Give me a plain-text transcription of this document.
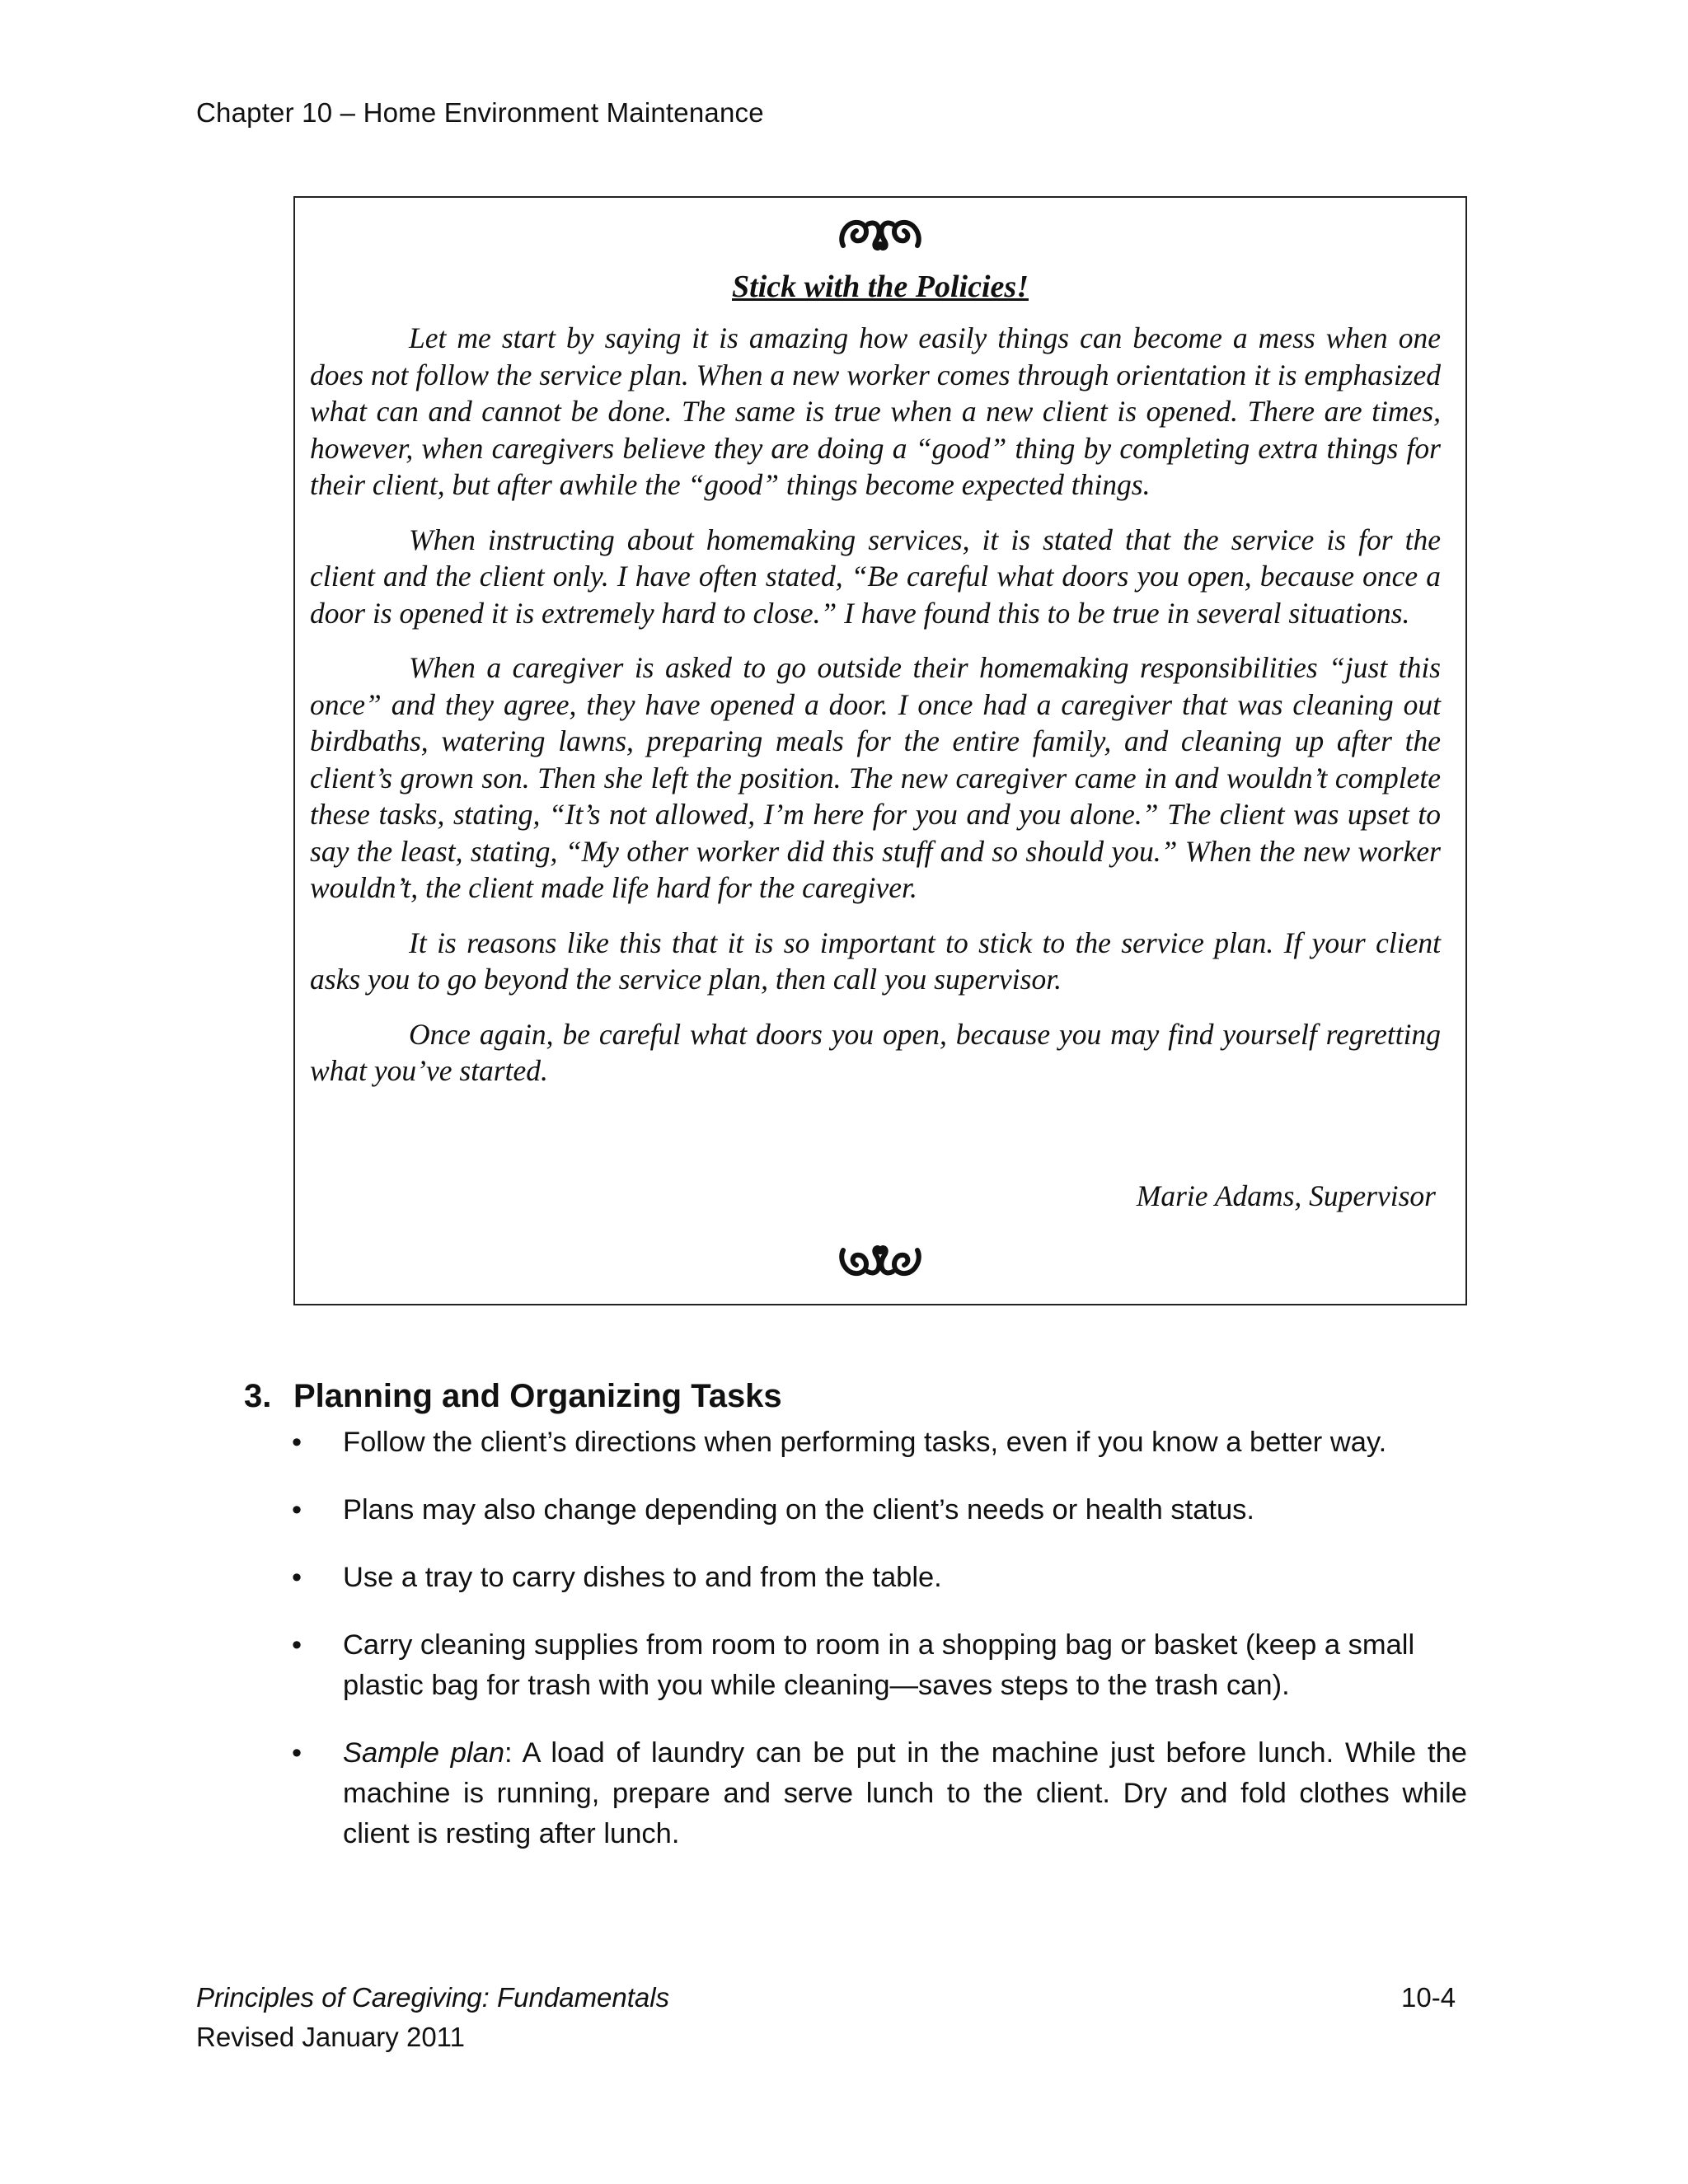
Chapter 10 – Home Environment Maintenance
Stick with the Policies!

Let me start by saying it is amazing how easily things can become a mess when one does not follow the service plan. When a new worker comes through orientation it is emphasized what can and cannot be done. The same is true when a new client is opened. There are times, however, when caregivers believe they are doing a “good” thing by completing extra things for their client, but after awhile the “good” things become expected things.

When instructing about homemaking services, it is stated that the service is for the client and the client only. I have often stated, “Be careful what doors you open, because once a door is opened it is extremely hard to close.” I have found this to be true in several situations.

When a caregiver is asked to go outside their homemaking responsibilities “just this once” and they agree, they have opened a door. I once had a caregiver that was cleaning out birdbaths, watering lawns, preparing meals for the entire family, and cleaning up after the client’s grown son. Then she left the position. The new caregiver came in and wouldn’t complete these tasks, stating, “It’s not allowed, I’m here for you and you alone.” The client was upset to say the least, stating, “My other worker did this stuff and so should you.” When the new worker wouldn’t, the client made life hard for the caregiver.

It is reasons like this that it is so important to stick to the service plan. If your client asks you to go beyond the service plan, then call you supervisor.

Once again, be careful what doors you open, because you may find yourself regretting what you’ve started.

Marie Adams, Supervisor
3. Planning and Organizing Tasks
• Follow the client’s directions when performing tasks, even if you know a better way.
• Plans may also change depending on the client’s needs or health status.
• Use a tray to carry dishes to and from the table.
• Carry cleaning supplies from room to room in a shopping bag or basket (keep a small plastic bag for trash with you while cleaning—saves steps to the trash can).
• Sample plan: A load of laundry can be put in the machine just before lunch. While the machine is running, prepare and serve lunch to the client. Dry and fold clothes while client is resting after lunch.
Principles of Caregiving: Fundamentals
Revised January 2011
10-4
